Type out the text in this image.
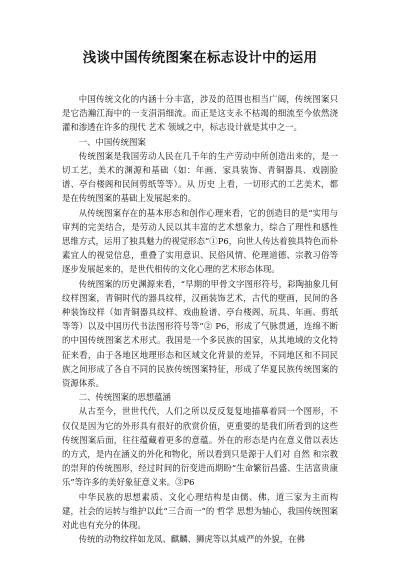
浅谈中国传统图案在标志设计中的运用

中国传统文化的内涵十分丰富，涉及的范围也相当广阔，传统图案只是它浩瀚江海中的一支涓涓细流。而正是这支永不枯竭的细流至今依然浇灌和渗透在许多的现代 艺术 领域之中，标志设计就是其中之一。

一、中国传统图案

传统图案是我国劳动人民在几千年的生产劳动中所创造出来的，是一切工艺，美术的渊源和基础（如：年画、家具装饰、青铜器具、戏剧脸谱、亭台楼阁和民间剪纸等等）。从 历史 上看，一切形式的工艺美术，都是在传统图案的基础上发展起来的。

从传统图案存在的基本形态和创作心理来看，它的创造目的是“实用与审判的完美结合，是劳动人民以其丰富的艺术想象力，综合了理性和感性思维方式，运用了独具魅力的视觉形态”①P6，向世人传达着独具特色而朴素宜人的视觉信息，重叠了实用意识、民俗风情、伦理道德、宗教习俗等逐步发展起来的，是世代相传的文化心理的艺术形态体现。

传统图案的历史渊源来看，“早期的甲骨文字图形符号，彩陶抽象几何纹样图案，青铜时代的器具纹样，汉画装饰艺术，古代的壁画，民间的各种装饰纹样（如青铜器具纹样、戏曲脸谱、亭台楼阁、玩具、年画、剪纸等等）以及中国历代书法图形符号等”② P6，形成了气脉贯通，连绵不断的中国传统图案艺术形式。我国是一个多民族的国家，从其地域的文化特征来看，由于各地区地理形态和区域文化背景的差异，不同地区和不同民族之间形成了各自不同的民族传统图案特征，形成了华夏民族传统图案的资源体系。

二、传统图案的思想蕴涵

从古至今，世世代代，人们之所以反反复复地描摹着同一个图形，不仅仅是因为它的外形具有很好的欣赏价值，更重要的是我们所看到的这些传统图案后面，往往蕴藏着更多的意蕴。外在的形态是内在意义借以表达的方式，是内在涵义的外化和物化，所以看到只是源于人们对 自然 和宗教的崇拜的传统图形，经过时间的衍变进而期盼“生命繁衍昌盛、生活富贵康乐”等许多的美好象征意义来。③P6

中华民族的思想素质、文化心理结构是由儒、佛、道三家为主而构建，社会的运转与维护以此“三合而一”的 哲学 思想为轴心，我国传统图案对此也有充分的体现。

传统的动物纹样如龙凤、麒麟、狮虎等以其威严的外貌，在佛
